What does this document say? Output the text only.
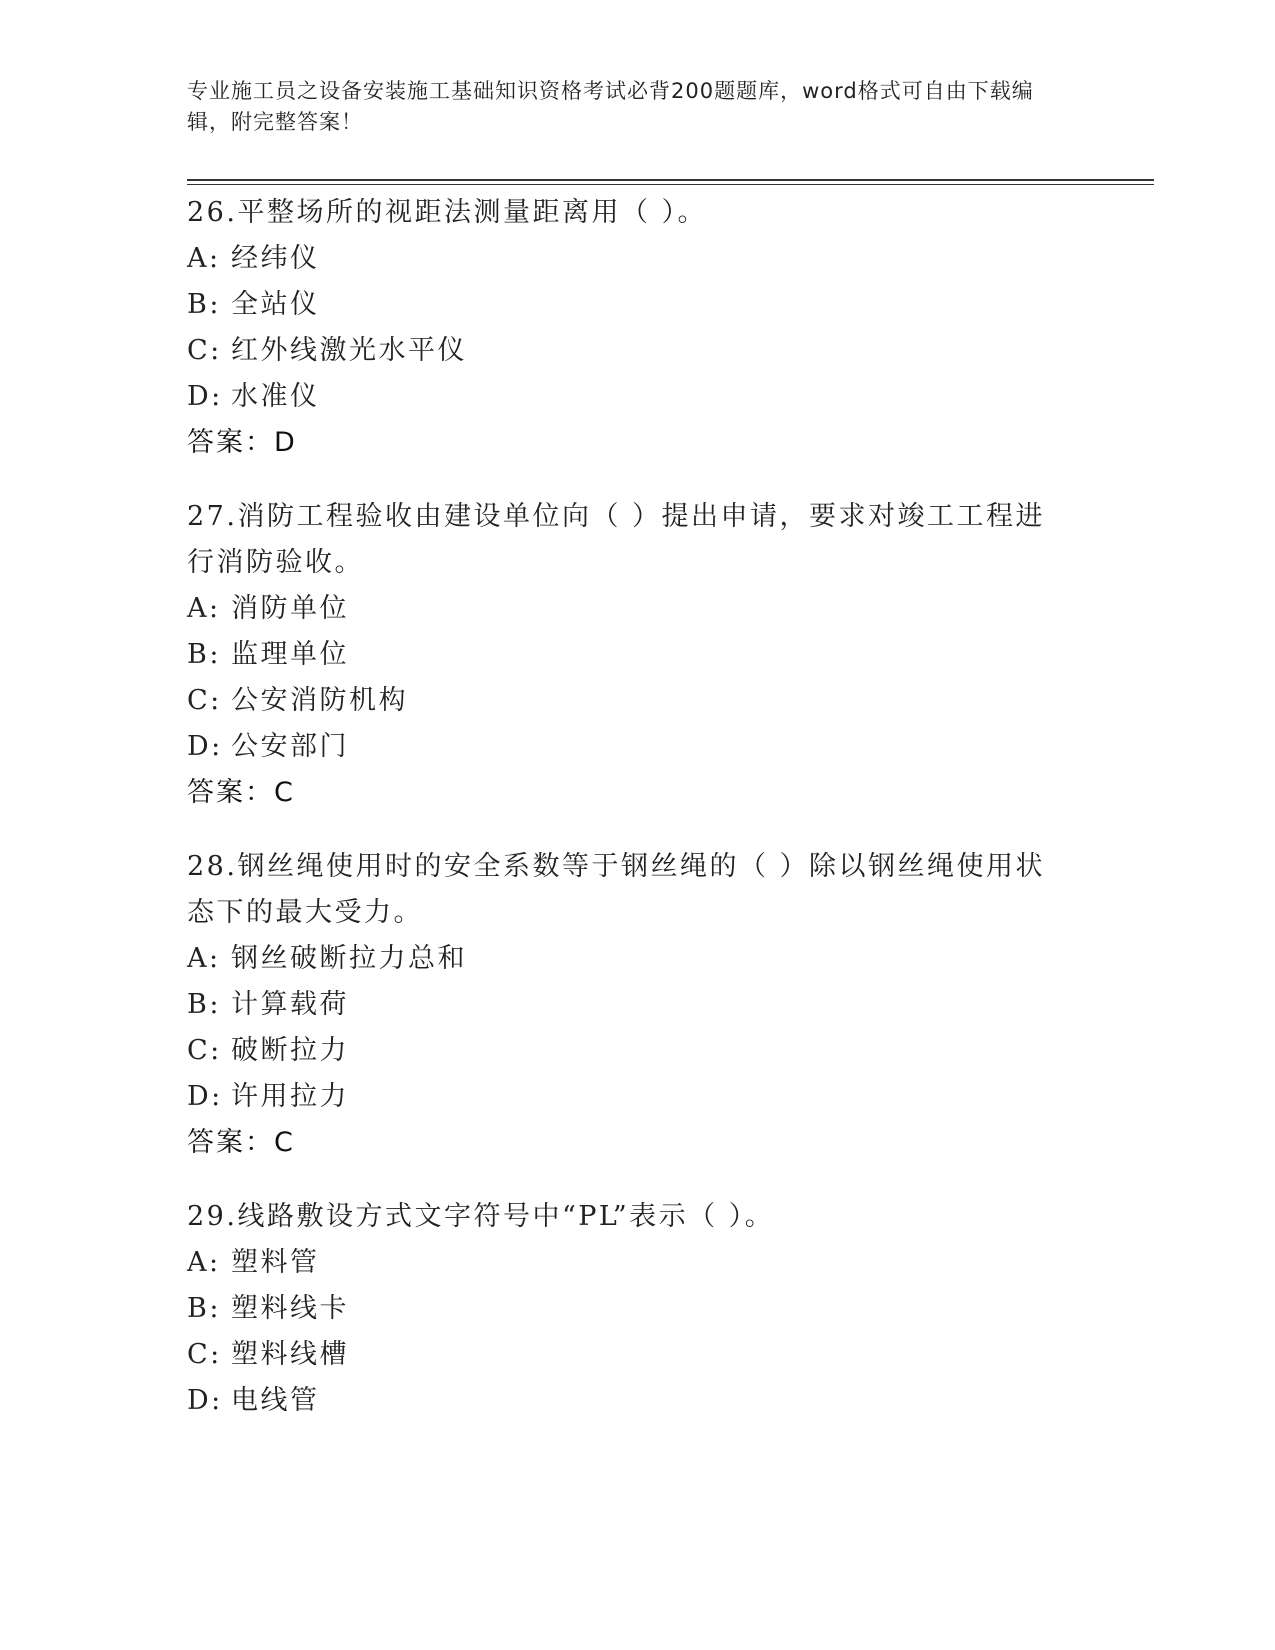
专业施工员之设备安装施工基础知识资格考试必背200题题库，word格式可自由下载编辑，附完整答案！
26.平整场所的视距法测量距离用（ ）。
A: 经纬仪
B: 全站仪
C: 红外线激光水平仪
D: 水准仪
答案：D
27.消防工程验收由建设单位向（ ）提出申请，要求对竣工工程进行消防验收。
A: 消防单位
B: 监理单位
C: 公安消防机构
D: 公安部门
答案：C
28.钢丝绳使用时的安全系数等于钢丝绳的（ ）除以钢丝绳使用状态下的最大受力。
A: 钢丝破断拉力总和
B: 计算载荷
C: 破断拉力
D: 许用拉力
答案：C
29.线路敷设方式文字符号中“PL”表示（ ）。
A: 塑料管
B: 塑料线卡
C: 塑料线槽
D: 电线管
